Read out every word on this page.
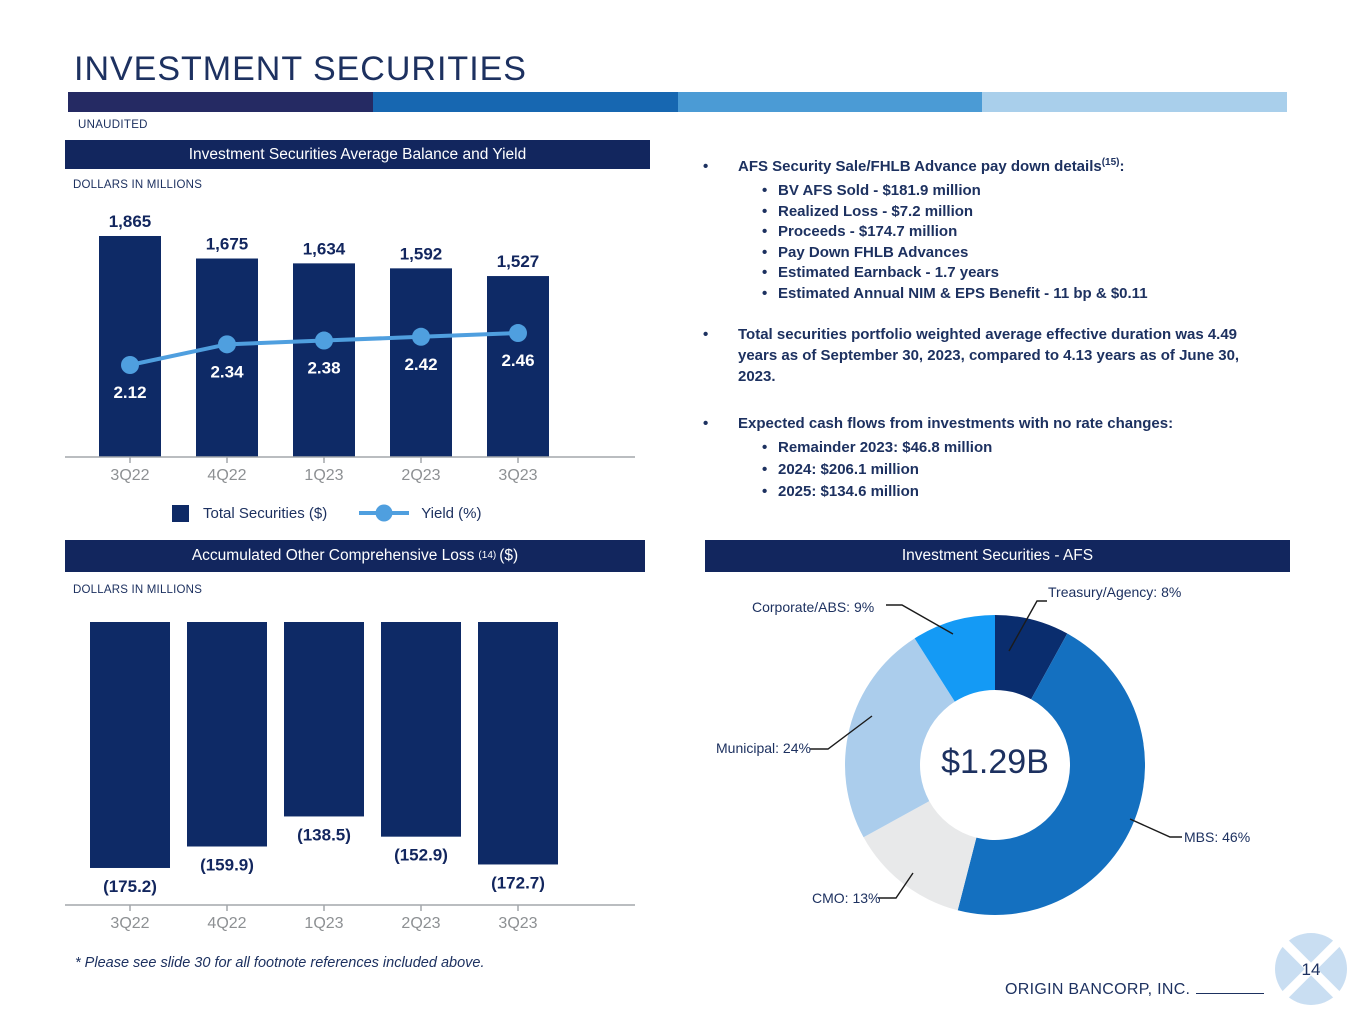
INVESTMENT SECURITIES
UNAUDITED
Investment Securities Average Balance and Yield
DOLLARS IN MILLIONS
1,865
1,675	1,634	1,592	1,527
3Q22	4Q22	1Q23	2Q23	3Q23
2.12
2.34	2.38	2.42	2.46
Total Securities ($)	Yield (%)
•	AFS Security Sale/FHLB Advance pay down details$^{(15)}$:
• BV AFS Sold - $181.9 million
• Realized Loss - $7.2 million
• Proceeds - $174.7 million
• Pay Down FHLB Advances
• Estimated Earnback - 1.7 years
• Estimated Annual NIM & EPS Benefit - 11 bp & $0.11
•	Total securities portfolio weighted average effective duration was 4.49 years as of September 30, 2023, compared to 4.13 years as of June 30, 2023.
•	Expected cash flows from investments with no rate changes:
• Remainder 2023: $46.8 million
• 2024: $206.1 million
• 2025: $134.6 million
Accumulated Other Comprehensive Loss (14) ($)
DOLLARS IN MILLIONS
(175.2)
(159.9)
(138.5)
(152.9)
(172.7)
3Q22	4Q22	1Q23	2Q23	3Q23
Investment Securities - AFS
$1.29B
Treasury/Agency: 8%
Corporate/ABS: 9%
Municipal: 24%
CMO: 13%
MBS: 46%
* Please see slide 30 for all footnote references included above.
ORIGIN BANCORP, INC.
14
